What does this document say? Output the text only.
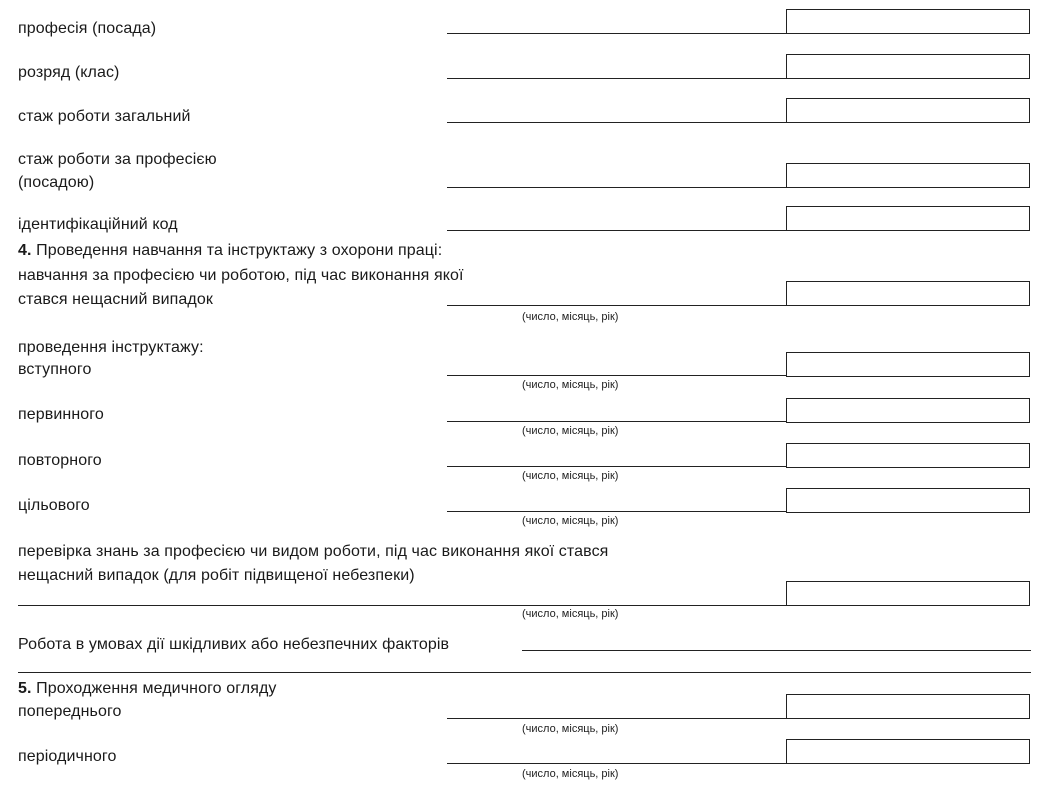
професія (посада)
розряд (клас)
стаж роботи загальний
стаж роботи за професією
(посадою)
ідентифікаційний код
4. Проведення навчання та інструктажу з охорони праці:
навчання за професією чи роботою, під час виконання якої
стався нещасний випадок
(число, місяць, рік)
проведення інструктажу:
вступного
(число, місяць, рік)
первинного
(число, місяць, рік)
повторного
(число, місяць, рік)
цільового
(число, місяць, рік)
перевірка знань за професією чи видом роботи, під час виконання якої стався
нещасний випадок (для робіт підвищеної небезпеки)
(число, місяць, рік)
Робота в умовах дії шкідливих або небезпечних факторів
5. Проходження медичного огляду
попереднього
(число, місяць, рік)
періодичного
(число, місяць, рік)
